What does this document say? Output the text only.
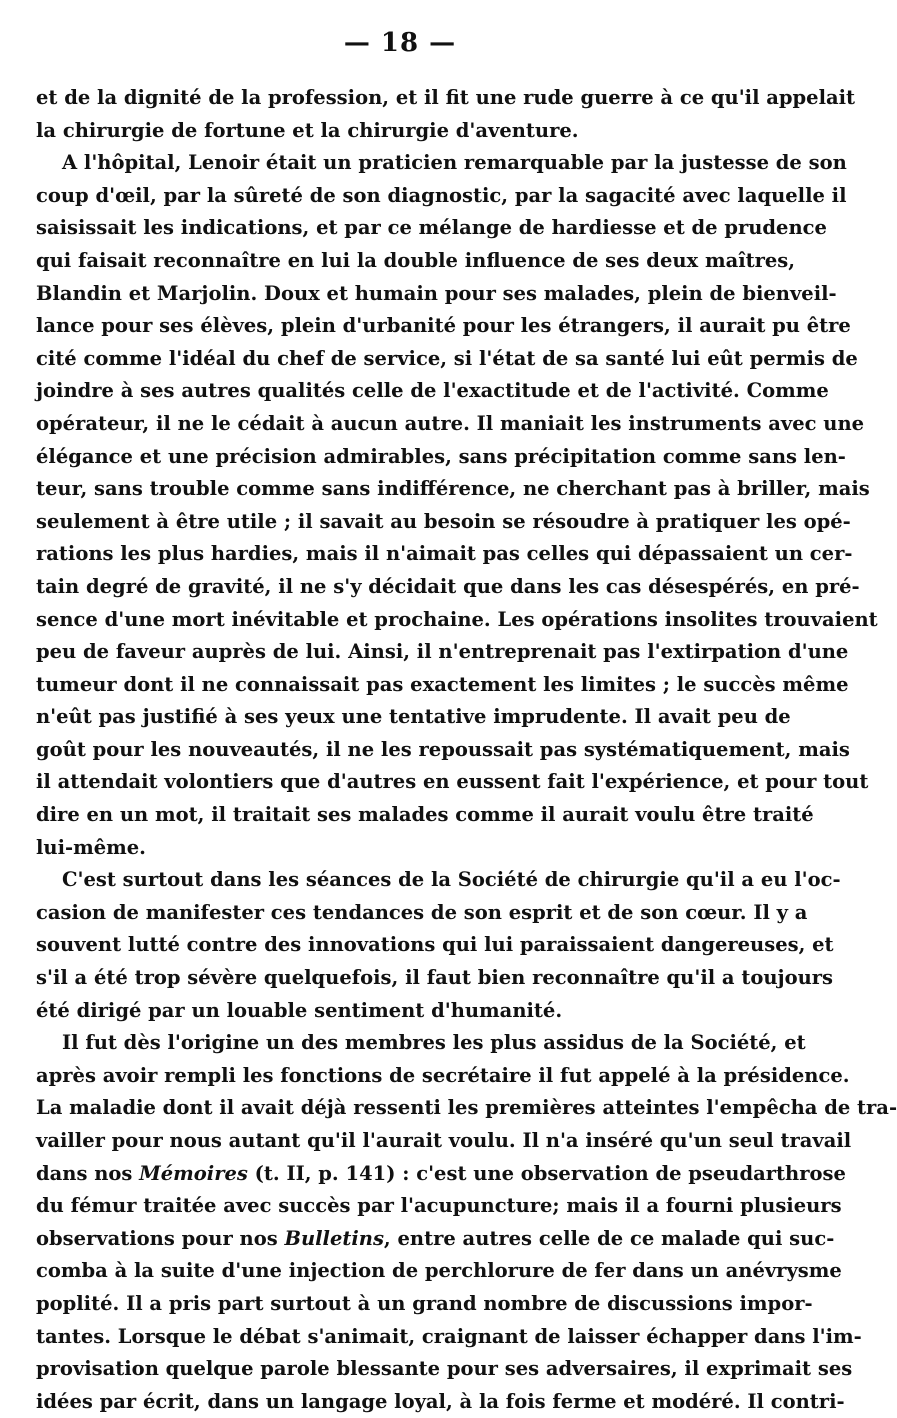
— 18 —
et de la dignité de la profession, et il fit une rude guerre à ce qu'il appelait
la chirurgie de fortune et la chirurgie d'aventure.
A l'hôpital, Lenoir était un praticien remarquable par la justesse de son
coup d'œil, par la sûreté de son diagnostic, par la sagacité avec laquelle il
saisissait les indications, et par ce mélange de hardiesse et de prudence
qui faisait reconnaître en lui la double influence de ses deux maîtres,
Blandin et Marjolin. Doux et humain pour ses malades, plein de bienveil-
lance pour ses élèves, plein d'urbanité pour les étrangers, il aurait pu être
cité comme l'idéal du chef de service, si l'état de sa santé lui eût permis de
joindre à ses autres qualités celle de l'exactitude et de l'activité. Comme
opérateur, il ne le cédait à aucun autre. Il maniait les instruments avec une
élégance et une précision admirables, sans précipitation comme sans len-
teur, sans trouble comme sans indifférence, ne cherchant pas à briller, mais
seulement à être utile ; il savait au besoin se résoudre à pratiquer les opé-
rations les plus hardies, mais il n'aimait pas celles qui dépassaient un cer-
tain degré de gravité, il ne s'y décidait que dans les cas désespérés, en pré-
sence d'une mort inévitable et prochaine. Les opérations insolites trouvaient
peu de faveur auprès de lui. Ainsi, il n'entreprenait pas l'extirpation d'une
tumeur dont il ne connaissait pas exactement les limites ; le succès même
n'eût pas justifié à ses yeux une tentative imprudente. Il avait peu de
goût pour les nouveautés, il ne les repoussait pas systématiquement, mais
il attendait volontiers que d'autres en eussent fait l'expérience, et pour tout
dire en un mot, il traitait ses malades comme il aurait voulu être traité
lui-même.
C'est surtout dans les séances de la Société de chirurgie qu'il a eu l'oc-
casion de manifester ces tendances de son esprit et de son cœur. Il y a
souvent lutté contre des innovations qui lui paraissaient dangereuses, et
s'il a été trop sévère quelquefois, il faut bien reconnaître qu'il a toujours
été dirigé par un louable sentiment d'humanité.
Il fut dès l'origine un des membres les plus assidus de la Société, et
après avoir rempli les fonctions de secrétaire il fut appelé à la présidence.
La maladie dont il avait déjà ressenti les premières atteintes l'empêcha de tra-
vailler pour nous autant qu'il l'aurait voulu. Il n'a inséré qu'un seul travail
dans nos Mémoires (t. II, p. 141) : c'est une observation de pseudarthrose
du fémur traitée avec succès par l'acupuncture; mais il a fourni plusieurs
observations pour nos Bulletins, entre autres celle de ce malade qui suc-
comba à la suite d'une injection de perchlorure de fer dans un anévrysme
poplité. Il a pris part surtout à un grand nombre de discussions impor-
tantes. Lorsque le débat s'animait, craignant de laisser échapper dans l'im-
provisation quelque parole blessante pour ses adversaires, il exprimait ses
idées par écrit, dans un langage loyal, à la fois ferme et modéré. Il contri-
